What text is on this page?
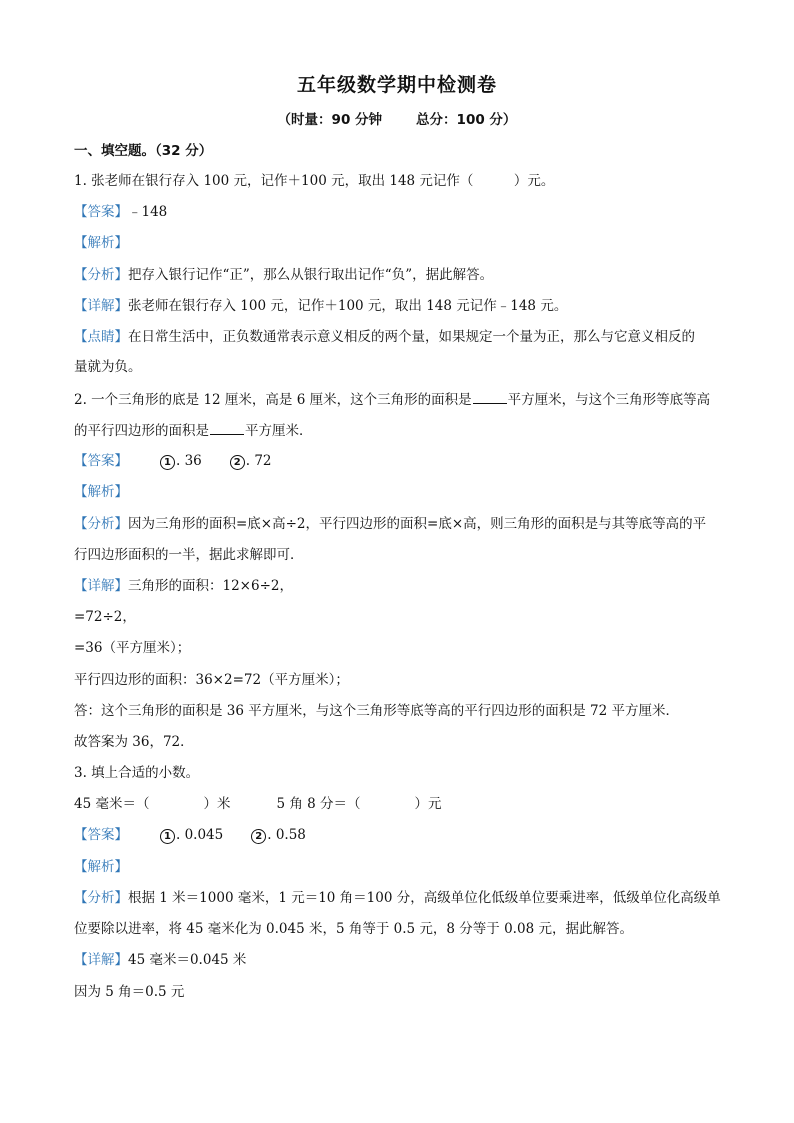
五年级数学期中检测卷
（时量：90 分钟	总分：100 分）
一、填空题。（32 分）
1. 张老师在银行存入 100 元，记作＋100 元，取出 148 元记作（　　　）元。
【答案】﹣148
【解析】
【分析】把存入银行记作“正”，那么从银行取出记作“负”，据此解答。
【详解】张老师在银行存入 100 元，记作＋100 元，取出 148 元记作﹣148 元。
【点睛】在日常生活中，正负数通常表示意义相反的两个量，如果规定一个量为正，那么与它意义相反的
量就为负。
2. 一个三角形的底是 12 厘米，高是 6 厘米，这个三角形的面积是	平方厘米，与这个三角形等底等高
的平行四边形的面积是	平方厘米．
【答案】	1 . 36	2 . 72
【解析】
【分析】因为三角形的面积=底×高÷2，平行四边形的面积=底×高，则三角形的面积是与其等底等高的平
行四边形面积的一半，据此求解即可．
【详解】三角形的面积：12×6÷2，
=72÷2，
=36（平方厘米）；
平行四边形的面积：36×2=72（平方厘米）；
答：这个三角形的面积是 36 平方厘米，与这个三角形等底等高的平行四边形的面积是 72 平方厘米．
故答案为 36，72．
3. 填上合适的小数。
45 毫米＝（　　　　）米	5 角 8 分＝（　　　　）元
【答案】	1 . 0.045	2 . 0.58
【解析】
【分析】根据 1 米＝1000 毫米，1 元＝10 角＝100 分，高级单位化低级单位要乘进率，低级单位化高级单
位要除以进率，将 45 毫米化为 0.045 米，5 角等于 0.5 元，8 分等于 0.08 元，据此解答。
【详解】45 毫米＝0.045 米
因为 5 角＝0.5 元
